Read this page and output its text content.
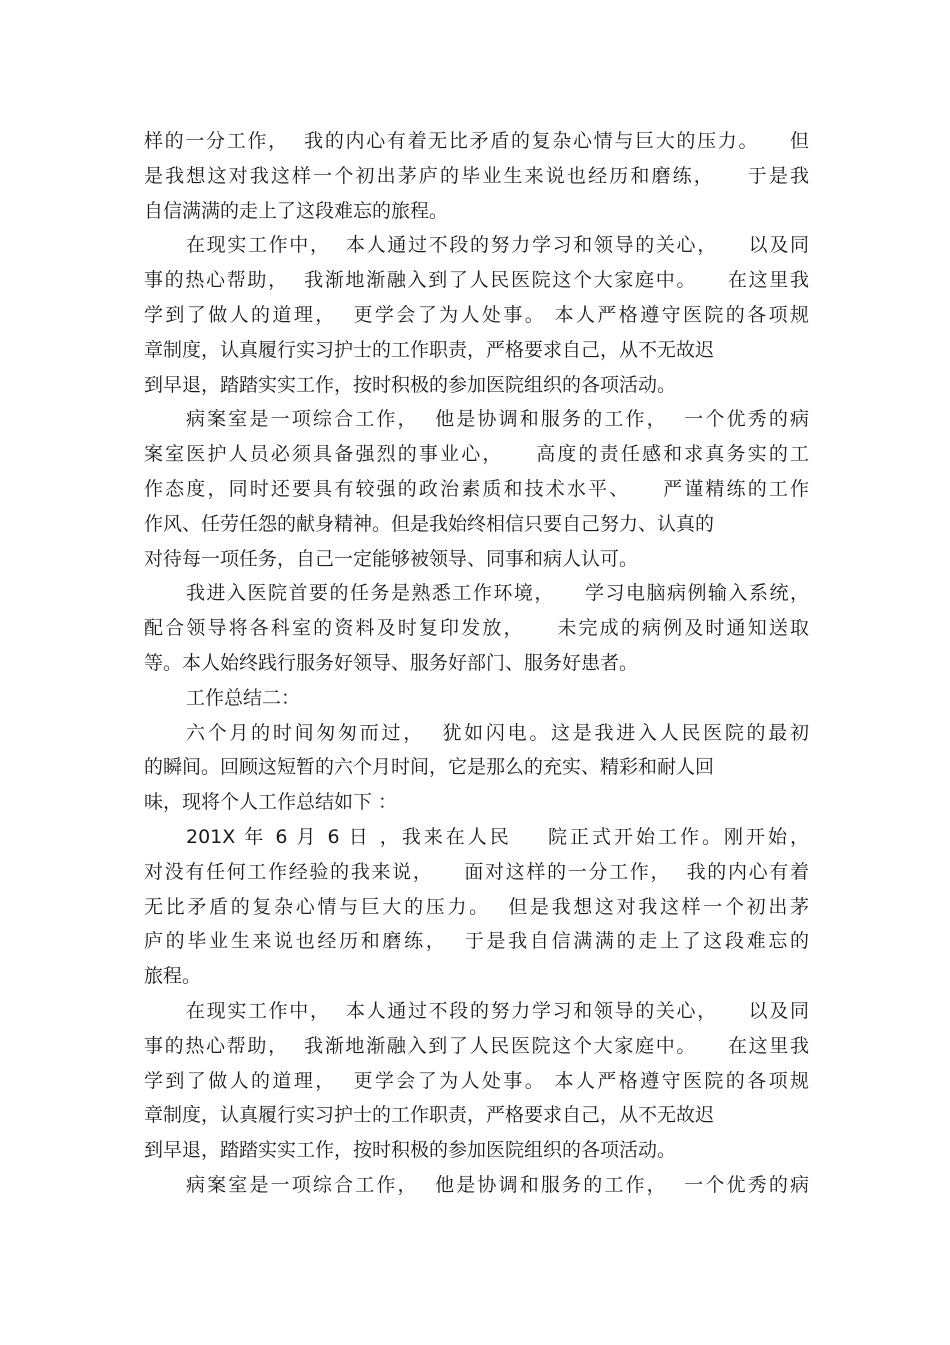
样的一分工作，  我的内心有着无比矛盾的复杂心情与巨大的压力。    但
是我想这对我这样一个初出茅庐的毕业生来说也经历和磨练，    于是我
自信满满的走上了这段难忘的旅程。
在现实工作中，  本人通过不段的努力学习和领导的关心，    以及同
事的热心帮助，  我渐地渐融入到了人民医院这个大家庭中。    在这里我
学到了做人的道理，  更学会了为人处事。 本人严格遵守医院的各项规
章制度，认真履行实习护士的工作职责，严格要求自己，从不无故迟
到早退，踏踏实实工作，按时积极的参加医院组织的各项活动。
病案室是一项综合工作，  他是协调和服务的工作，  一个优秀的病
案室医护人员必须具备强烈的事业心，    高度的责任感和求真务实的工
作态度，同时还要具有较强的政治素质和技术水平、    严谨精练的工作
作风、任劳任怨的献身精神。但是我始终相信只要自己努力、认真的
对待每一项任务，自己一定能够被领导、同事和病人认可。
我进入医院首要的任务是熟悉工作环境，    学习电脑病例输入系统，
配合领导将各科室的资料及时复印发放，    未完成的病例及时通知送取
等。本人始终践行服务好领导、服务好部门、服务好患者。
工作总结二：
六个月的时间匆匆而过，  犹如闪电。这是我进入人民医院的最初
的瞬间。回顾这短暂的六个月时间，它是那么的充实、精彩和耐人回
味，现将个人工作总结如下 ：
201X 年 6 月 6 日 ，我来在人民    院正式开始工作。刚开始，
对没有任何工作经验的我来说，    面对这样的一分工作，  我的内心有着
无比矛盾的复杂心情与巨大的压力。  但是我想这对我这样一个初出茅
庐的毕业生来说也经历和磨练，  于是我自信满满的走上了这段难忘的
旅程。
在现实工作中，  本人通过不段的努力学习和领导的关心，    以及同
事的热心帮助，  我渐地渐融入到了人民医院这个大家庭中。    在这里我
学到了做人的道理，  更学会了为人处事。 本人严格遵守医院的各项规
章制度，认真履行实习护士的工作职责，严格要求自己，从不无故迟
到早退，踏踏实实工作，按时积极的参加医院组织的各项活动。
病案室是一项综合工作，  他是协调和服务的工作，  一个优秀的病
